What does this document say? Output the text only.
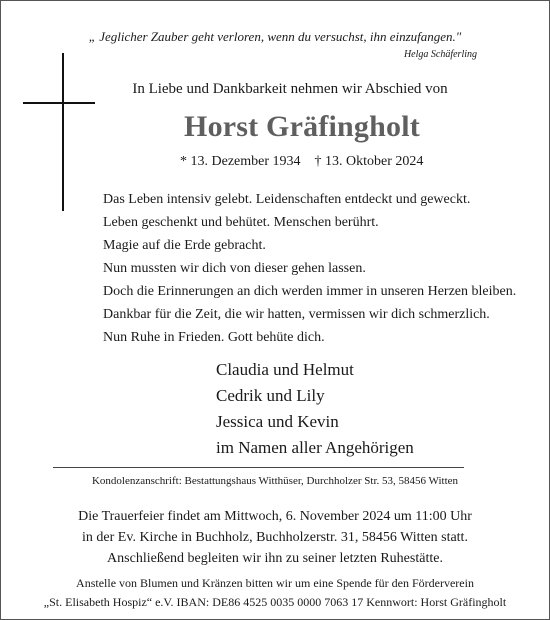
„ Jeglicher Zauber geht verloren, wenn du versuchst, ihn einzufangen."
Helga Schäferling
In Liebe und Dankbarkeit nehmen wir Abschied von
Horst Gräfingholt
* 13. Dezember 1934 † 13. Oktober 2024
Das Leben intensiv gelebt. Leidenschaften entdeckt und geweckt.
Leben geschenkt und behütet. Menschen berührt.
Magie auf die Erde gebracht.
Nun mussten wir dich von dieser gehen lassen.
Doch die Erinnerungen an dich werden immer in unseren Herzen bleiben.
Dankbar für die Zeit, die wir hatten, vermissen wir dich schmerzlich.
Nun Ruhe in Frieden. Gott behüte dich.
Claudia und Helmut
Cedrik und Lily
Jessica und Kevin
im Namen aller Angehörigen
Kondolenzanschrift: Bestattungshaus Witthüser, Durchholzer Str. 53, 58456 Witten
Die Trauerfeier findet am Mittwoch, 6. November 2024 um 11:00 Uhr
in der Ev. Kirche in Buchholz, Buchholzerstr. 31, 58456 Witten statt.
Anschließend begleiten wir ihn zu seiner letzten Ruhestätte.
Anstelle von Blumen und Kränzen bitten wir um eine Spende für den Förderverein
„St. Elisabeth Hospiz“ e.V. IBAN: DE86 4525 0035 0000 7063 17 Kennwort: Horst Gräfingholt
